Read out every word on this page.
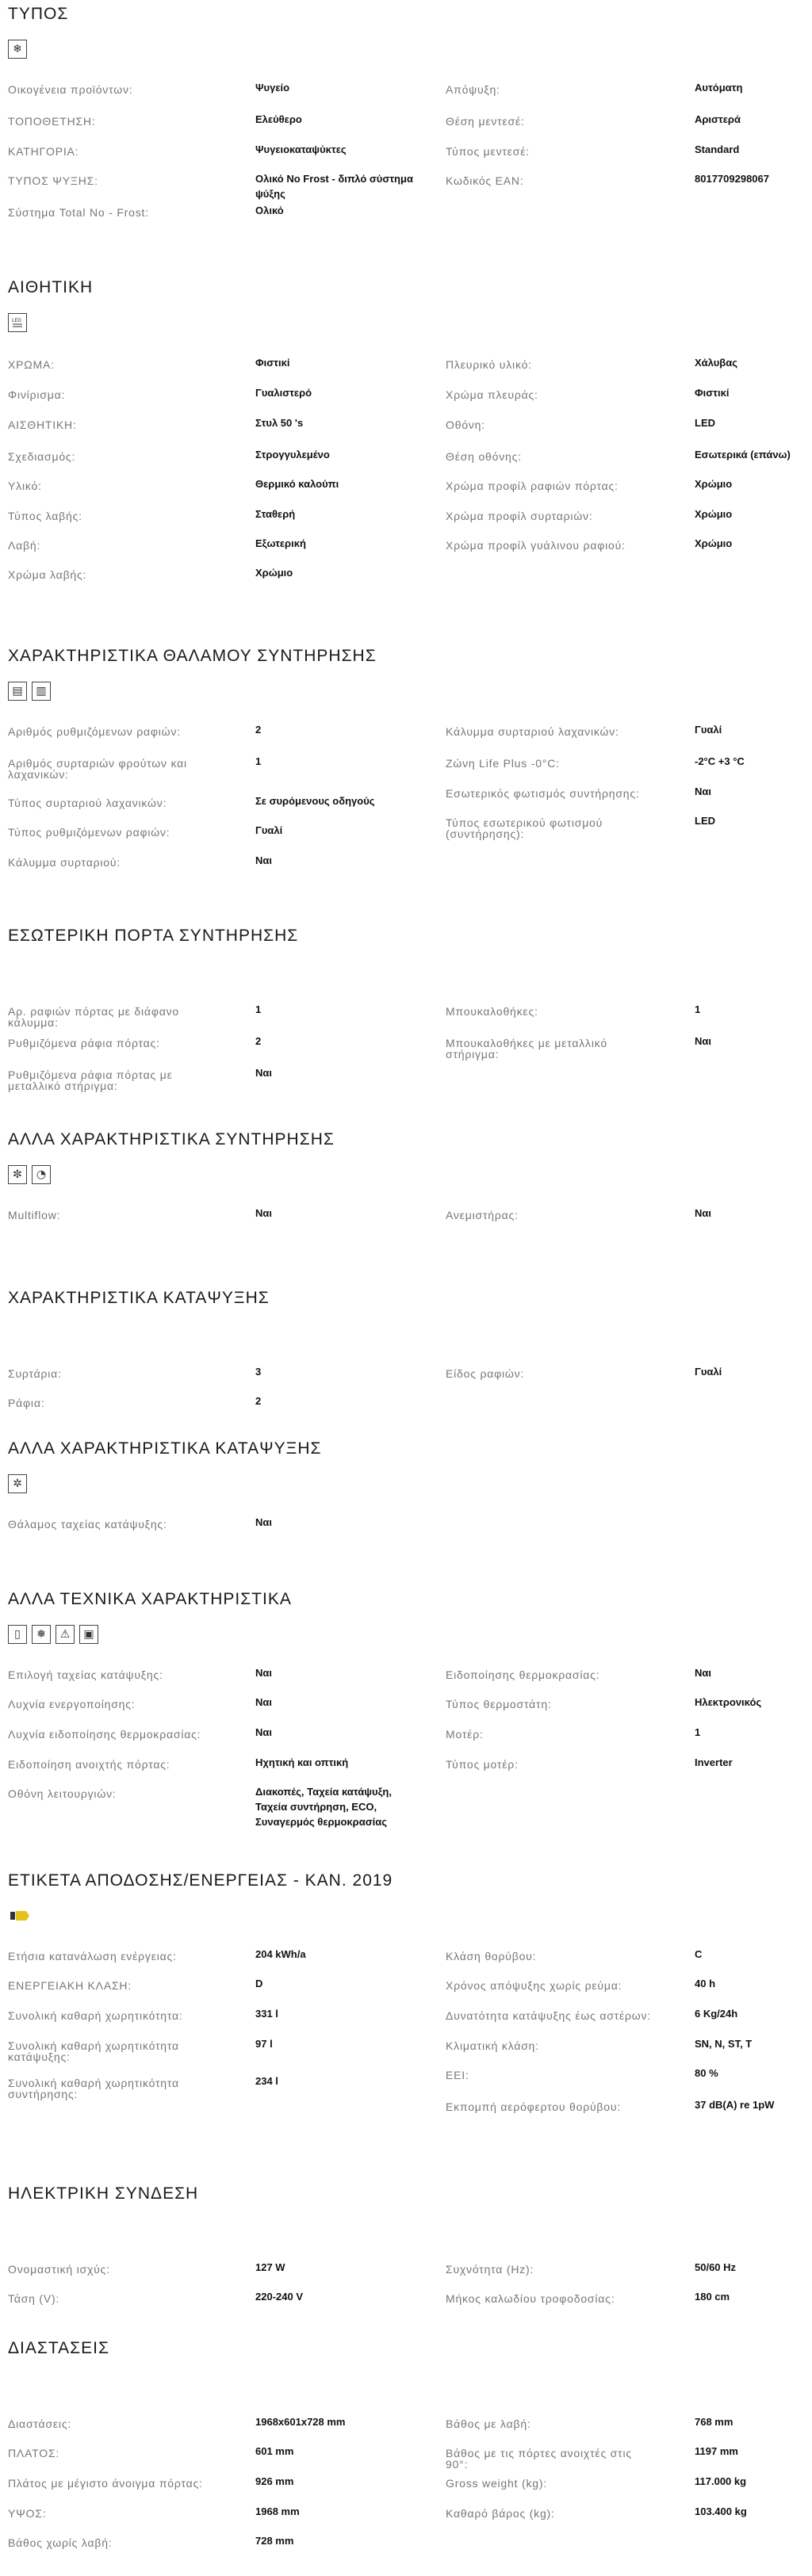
ΤΥΠΟΣ
❄
Οικογένεια προϊόντων:	Ψυγείο
ΤΟΠΟΘΕΤΗΣΗ:	Ελεύθερο
ΚΑΤΗΓΟΡΙΑ:	Ψυγειοκαταψύκτες
ΤΥΠΟΣ ΨΥΞΗΣ:	Ολικό No Frost - διπλό σύστημα ψύξης
Σύστημα Total No - Frost:	Ολικό
Απόψυξη:	Αυτόματη
Θέση μεντεσέ:	Αριστερά
Τύπος μεντεσέ:	Standard
Κωδικός EAN:	8017709298067
ΑΙΘΗΤΙΚΗ
LED
ΧΡΩΜΑ:	Φιστικί
Φινίρισμα:	Γυαλιστερό
ΑΙΣΘΗΤΙΚΗ:	Στυλ 50 's
Σχεδιασμός:	Στρογγυλεμένο
Υλικό:	Θερμικό καλούπι
Τύπος λαβής:	Σταθερή
Λαβή:	Εξωτερική
Χρώμα λαβής:	Χρώμιο
Πλευρικό υλικό:	Χάλυβας
Χρώμα πλευράς:	Φιστικί
Οθόνη:	LED
Θέση οθόνης:	Εσωτερικά (επάνω)
Χρώμα προφίλ ραφιών πόρτας:	Χρώμιο
Χρώμα προφίλ συρταριών:	Χρώμιο
Χρώμα προφίλ γυάλινου ραφιού:	Χρώμιο
ΧΑΡΑΚΤΗΡΙΣΤΙΚΑ ΘΑΛΑΜΟΥ ΣΥΝΤΗΡΗΣΗΣ
▤	▥
Αριθμός ρυθμιζόμενων ραφιών:	2
Αριθμός συρταριών φρούτων και λαχανικών:
1
Τύπος συρταριού λαχανικών:	Σε συρόμενους οδηγούς
Τύπος ρυθμιζόμενων ραφιών:	Γυαλί
Κάλυμμα συρταριού:	Ναι
Κάλυμμα συρταριού λαχανικών:	Γυαλί
Ζώνη Life Plus -0°C:	-2°C +3 °C
Εσωτερικός φωτισμός συντήρησης:	Ναι
Τύπος εσωτερικού φωτισμού (συντήρησης):
LED
ΕΣΩΤΕΡΙΚΗ ΠΟΡΤΑ ΣΥΝΤΗΡΗΣΗΣ
Αρ. ραφιών πόρτας με διάφανο κάλυμμα:
1
Ρυθμιζόμενα ράφια πόρτας:	2
Ρυθμιζόμενα ράφια πόρτας με μεταλλικό στήριγμα:
Ναι
Μπουκαλοθήκες:	1
Μπουκαλοθήκες με μεταλλικό στήριγμα:
Ναι
ΑΛΛΑ ΧΑΡΑΚΤΗΡΙΣΤΙΚΑ ΣΥΝΤΗΡΗΣΗΣ
✼	◔
Multiflow:	Ναι	Ανεμιστήρας:	Ναι
ΧΑΡΑΚΤΗΡΙΣΤΙΚΑ ΚΑΤΑΨΥΞΗΣ
Συρτάρια:	3
Ράφια:	2
Είδος ραφιών:	Γυαλί
ΑΛΛΑ ΧΑΡΑΚΤΗΡΙΣΤΙΚΑ ΚΑΤΑΨΥΞΗΣ
✲
Θάλαμος ταχείας κατάψυξης:	Ναι
ΑΛΛΑ ΤΕΧΝΙΚΑ ΧΑΡΑΚΤΗΡΙΣΤΙΚΑ
▯	❅	⚠	▣
Επιλογή ταχείας κατάψυξης:	Ναι
Λυχνία ενεργοποίησης:	Ναι
Λυχνία ειδοποίησης θερμοκρασίας:	Ναι
Ειδοποίηση ανοιχτής πόρτας:	Ηχητική και οπτική
Οθόνη λειτουργιών:	Διακοπές, Ταχεία κατάψυξη, Ταχεία συντήρηση, ECO, Συναγερμός θερμοκρασίας
Ειδοποίησης θερμοκρασίας:	Ναι
Τύπος θερμοστάτη:	Ηλεκτρονικός
Μοτέρ:	1
Τύπος μοτέρ:	Inverter
ΕΤΙΚΕΤΑ ΑΠΟΔΟΣΗΣ/ΕΝΕΡΓΕΙΑΣ - ΚΑΝ. 2019
Ετήσια κατανάλωση ενέργειας:	204 kWh/a
ΕΝΕΡΓΕΙΑΚΗ ΚΛΑΣΗ:	D
Συνολική καθαρή χωρητικότητα:	331 l
Συνολική καθαρή χωρητικότητα κατάψυξης:
97 l
Συνολική καθαρή χωρητικότητα συντήρησης:
234 l
Κλάση θορύβου:	C
Χρόνος απόψυξης χωρίς ρεύμα:	40 h
Δυνατότητα κατάψυξης έως αστέρων:	6 Kg/24h
Κλιματική κλάση:	SN, N, ST, T
EEI:	80 %
Εκπομπή αερόφερτου θορύβου:	37 dB(A) re 1pW
ΗΛΕΚΤΡΙΚΗ ΣΥΝΔΕΣΗ
Ονομαστική ισχύς:	127 W
Τάση (V):	220-240 V
Συχνότητα (Hz):	50/60 Hz
Μήκος καλωδίου τροφοδοσίας:	180 cm
ΔΙΑΣΤΑΣΕΙΣ
Διαστάσεις:	1968x601x728 mm
ΠΛΑΤΟΣ:	601 mm
Πλάτος με μέγιστο άνοιγμα πόρτας:	926 mm
ΥΨΟΣ:	1968 mm
Βάθος χωρίς λαβή:	728 mm
Βάθος με λαβή:	768 mm
Βάθος με τις πόρτες ανοιχτές στις 90°:
1197 mm
Gross weight (kg):	117.000 kg
Καθαρό βάρος (kg):	103.400 kg
